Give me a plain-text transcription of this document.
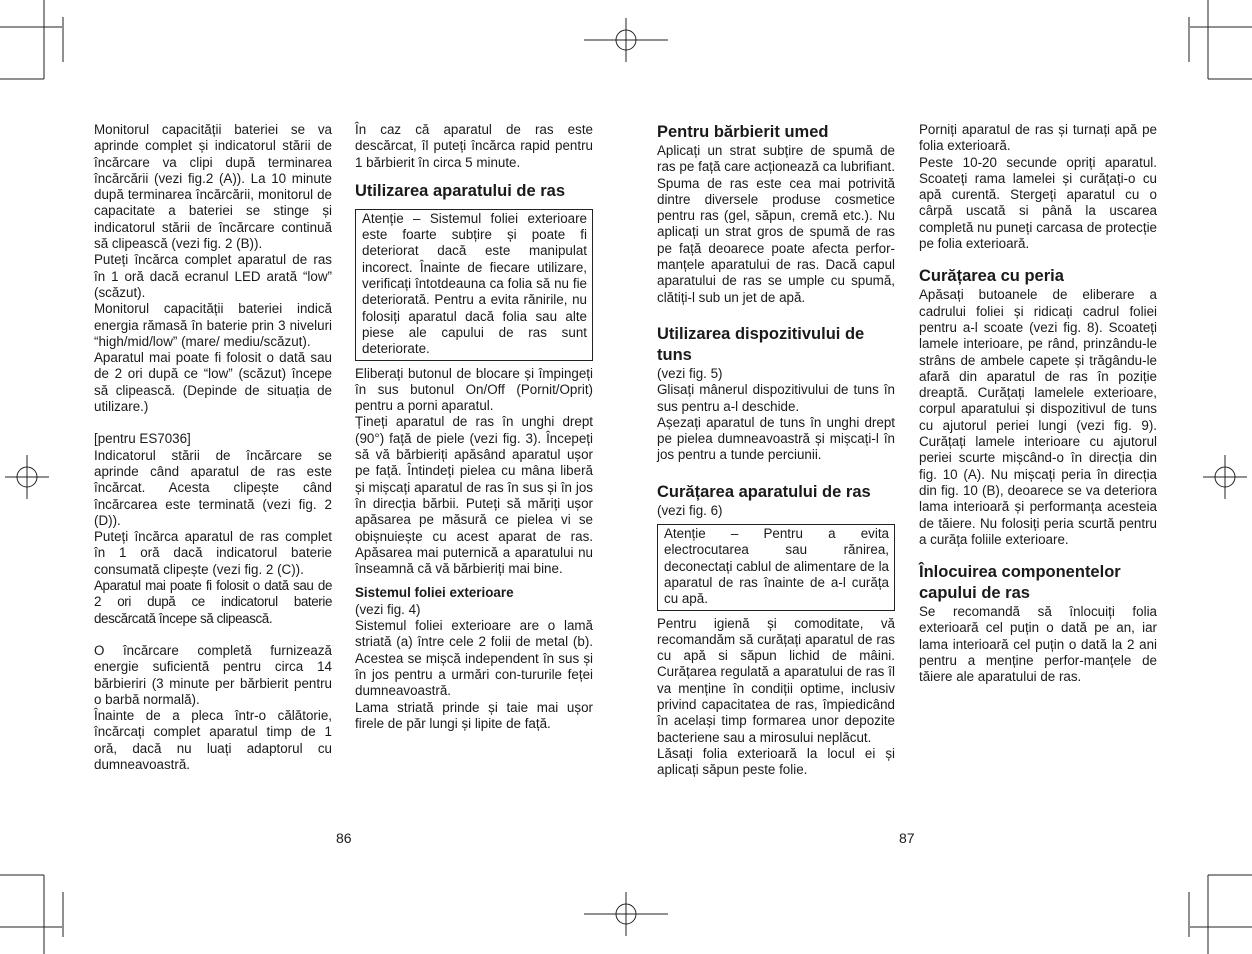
Monitorul capacității bateriei se va aprinde complet și indicatorul stării de încărcare va clipi după terminarea încărcării (vezi fig.2 (A)). La 10 minute după terminarea încărcării, monitorul de capacitate a bateriei se stinge și indicatorul stării de încărcare continuă să clipească (vezi fig. 2 (B)).

Puteți încărca complet aparatul de ras în 1 oră dacă ecranul LED arată “low” (scăzut).

Monitorul capacității bateriei indică energia rămasă în baterie prin 3 niveluri “high/mid/low” (mare/ mediu/scăzut).

Aparatul mai poate fi folosit o dată sau de 2 ori după ce “low” (scăzut) începe să clipească. (Depinde de situația de utilizare.)

[pentru ES7036]

Indicatorul stării de încărcare se aprinde când aparatul de ras este încărcat. Acesta clipește când încărcarea este terminată (vezi fig. 2 (D)).

Puteți încărca aparatul de ras complet în 1 oră dacă indicatorul baterie consumată clipește (vezi fig. 2 (C)).

Aparatul mai poate fi folosit o dată sau de 2 ori după ce indicatorul baterie descărcată începe să clipească.

O încărcare completă furnizează energie suficientă pentru circa 14 bărbieriri (3 minute per bărbierit pentru o barbă normală).

Înainte de a pleca într-o călătorie, încărcați complet aparatul timp de 1 oră, dacă nu luați adaptorul cu dumneavoastră.

În caz că aparatul de ras este descărcat, îl puteți încărca rapid pentru 1 bărbierit în circa 5 minute.

Utilizarea aparatului de ras

Atenție – Sistemul foliei exterioare este foarte subțire și poate fi deteriorat dacă este manipulat incorect. Înainte de fiecare utilizare, verificați întotdeauna ca folia să nu fie deteriorată. Pentru a evita rănirile, nu folosiți aparatul dacă folia sau alte piese ale capului de ras sunt deteriorate.

Eliberați butonul de blocare și împingeți în sus butonul On/Off (Pornit/Oprit) pentru a porni aparatul.

Țineți aparatul de ras în unghi drept (90°) față de piele (vezi fig. 3). Începeți să vă bărbieriți apăsând aparatul ușor pe față. Întindeți pielea cu mâna liberă și mișcați aparatul de ras în sus și în jos în direcția bărbii. Puteți să măriți ușor apăsarea pe măsură ce pielea vi se obișnuiește cu acest aparat de ras. Apăsarea mai puternică a aparatului nu înseamnă că vă bărbieriți mai bine.

Sistemul foliei exterioare

(vezi fig. 4)

Sistemul foliei exterioare are o lamă striată (a) între cele 2 folii de metal (b). Acestea se mișcă independent în sus și în jos pentru a urmări con-tururile feței dumneavoastră.

Lama striată prinde și taie mai ușor firele de păr lungi și lipite de față.

Pentru bărbierit umed

Aplicați un strat subțire de spumă de ras pe față care acționează ca lubrifiant. Spuma de ras este cea mai potrivită dintre diversele produse cosmetice pentru ras (gel, săpun, cremă etc.). Nu aplicați un strat gros de spumă de ras pe față deoarece poate afecta perfor-manțele aparatului de ras. Dacă capul aparatului de ras se umple cu spumă, clătiți-l sub un jet de apă.

Utilizarea dispozitivului de tuns

(vezi fig. 5)

Glisați mânerul dispozitivului de tuns în sus pentru a-l deschide.

Așezați aparatul de tuns în unghi drept pe pielea dumneavoastră și mișcați-l în jos pentru a tunde perciunii.

Curățarea aparatului de ras

(vezi fig. 6)

Atenție – Pentru a evita electrocutarea sau rănirea, deconectați cablul de alimentare de la aparatul de ras înainte de a-l curăța cu apă.

Pentru igienă și comoditate, vă recomandăm să curățați aparatul de ras cu apă si săpun lichid de mâini. Curățarea regulată a aparatului de ras îl va menține în condiții optime, inclusiv privind capacitatea de ras, împiedicând în același timp formarea unor depozite bacteriene sau a mirosului neplăcut.

Lăsați folia exterioară la locul ei și aplicați săpun peste folie.

Porniți aparatul de ras și turnați apă pe folia exterioară.

Peste 10-20 secunde opriți aparatul. Scoateți rama lamelei și curățați-o cu apă curentă. Stergeți aparatul cu o cârpă uscată si până la uscarea completă nu puneți carcasa de protecție pe folia exterioară.

Curățarea cu peria

Apăsați butoanele de eliberare a cadrului foliei și ridicați cadrul foliei pentru a-l scoate (vezi fig. 8). Scoateți lamele interioare, pe rând, prinzându-le strâns de ambele capete și trăgându-le afară din aparatul de ras în poziție dreaptă. Curățați lamelele exterioare, corpul aparatului și dispozitivul de tuns cu ajutorul periei lungi (vezi fig. 9). Curățați lamele interioare cu ajutorul periei scurte mișcând-o în direcția din fig. 10 (A). Nu mișcați peria în direcția din fig. 10 (B), deoarece se va deteriora lama interioară și performanța acesteia de tăiere. Nu folosiți peria scurtă pentru a curăța foliile exterioare.

Înlocuirea componentelor capului de ras

Se recomandă să înlocuiți folia exterioară cel puțin o dată pe an, iar lama interioară cel puțin o dată la 2 ani pentru a menține perfor-manțele de tăiere ale aparatului de ras.

86	87
